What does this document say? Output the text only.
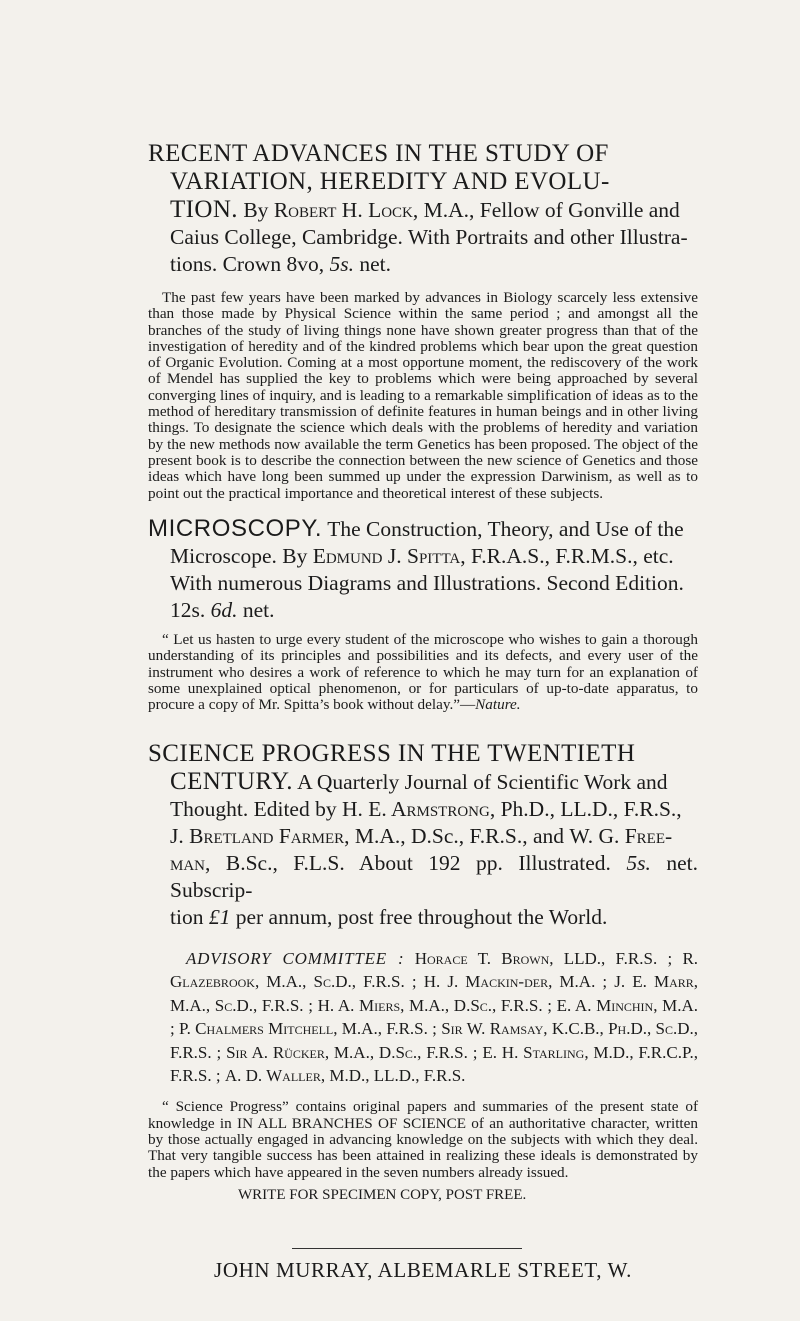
RECENT ADVANCES IN THE STUDY OF

VARIATION, HEREDITY AND EVOLU-
TION. By Robert H. Lock, M.A., Fellow of Gonville and
Caius College, Cambridge. With Portraits and other Illustra-
tions. Crown 8vo, 5s. net.

The past few years have been marked by advances in Biology scarcely less extensive than those made by Physical Science within the same period ; and amongst all the branches of the study of living things none have shown greater progress than that of the investigation of heredity and of the kindred problems which bear upon the great question of Organic Evolution. Coming at a most opportune moment, the rediscovery of the work of Mendel has supplied the key to problems which were being approached by several converging lines of inquiry, and is leading to a remarkable simplification of ideas as to the method of hereditary transmission of definite features in human beings and in other living things. To designate the science which deals with the problems of heredity and variation by the new methods now available the term Genetics has been proposed. The object of the present book is to describe the connection between the new science of Genetics and those ideas which have long been summed up under the expression Darwinism, as well as to point out the practical importance and theoretical interest of these subjects.

MICROSCOPY. The Construction, Theory, and Use of the
Microscope. By Edmund J. Spitta, F.R.A.S., F.R.M.S., etc.
With numerous Diagrams and Illustrations. Second Edition.
12s. 6d. net.

“ Let us hasten to urge every student of the microscope who wishes to gain a thorough understanding of its principles and possibilities and its defects, and every user of the instrument who desires a work of reference to which he may turn for an explanation of some unexplained optical phenomenon, or for particulars of up-to-date apparatus, to procure a copy of Mr. Spitta’s book without delay.”—Nature.

SCIENCE PROGRESS IN THE TWENTIETH

CENTURY. A Quarterly Journal of Scientific Work and
Thought. Edited by H. E. Armstrong, Ph.D., LL.D., F.R.S.,
J. Bretland Farmer, M.A., D.Sc., F.R.S., and W. G. Free-
man, B.Sc., F.L.S. About 192 pp. Illustrated. 5s. net. Subscrip-
tion £1 per annum, post free throughout the World.

ADVISORY COMMITTEE : Horace T. Brown, LLD., F.R.S. ; R. Glazebrook, M.A., Sc.D., F.R.S. ; H. J. Mackin-der, M.A. ; J. E. Marr, M.A., Sc.D., F.R.S. ; H. A. Miers, M.A., D.Sc., F.R.S. ; E. A. Minchin, M.A. ; P. Chalmers Mitchell, M.A., F.R.S. ; Sir W. Ramsay, K.C.B., Ph.D., Sc.D., F.R.S. ; Sir A. Rücker, M.A., D.Sc., F.R.S. ; E. H. Starling, M.D., F.R.C.P., F.R.S. ; A. D. Waller, M.D., LL.D., F.R.S.

“ Science Progress” contains original papers and summaries of the present state of knowledge in IN ALL BRANCHES OF SCIENCE of an authoritative character, written by those actually engaged in advancing knowledge on the subjects with which they deal. That very tangible success has been attained in realizing these ideals is demonstrated by the papers which have appeared in the seven numbers already issued.

WRITE FOR SPECIMEN COPY, POST FREE.

JOHN MURRAY, ALBEMARLE STREET, W.
